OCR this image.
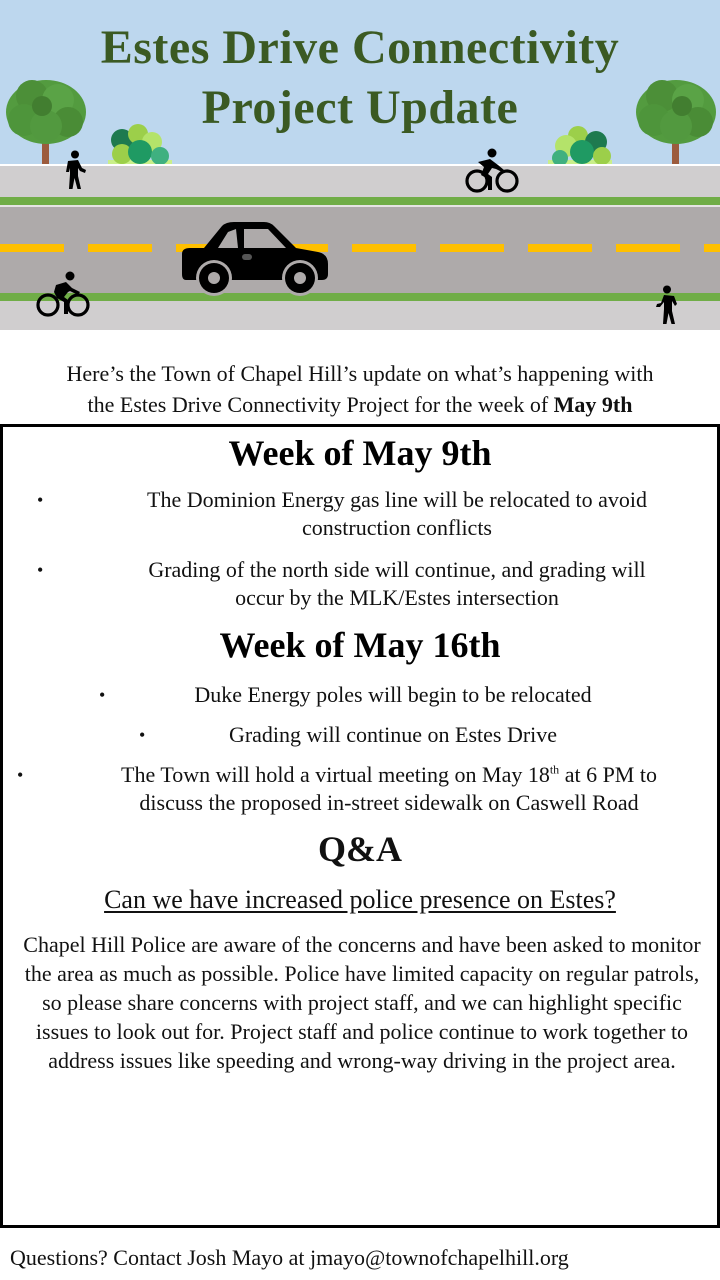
Estes Drive Connectivity
Project Update
Here’s the Town of Chapel Hill’s update on what’s happening with
the Estes Drive Connectivity Project for the week of May 9th
Week of May 9th
•	The Dominion Energy gas line will be relocated to avoid
construction conflicts
•	Grading of the north side will continue, and grading will
occur by the MLK/Estes intersection
Week of May 16th
•	Duke Energy poles will begin to be relocated
•	Grading will continue on Estes Drive
•	The Town will hold a virtual meeting on May 18th at 6 PM to
discuss the proposed in-street sidewalk on Caswell Road
Q&A
Can we have increased police presence on Estes?
Chapel Hill Police are aware of the concerns and have been asked to monitor the area as much as possible. Police have limited capacity on regular patrols, so please share concerns with project staff, and we can highlight specific issues to look out for. Project staff and police continue to work together to address issues like speeding and wrong-way driving in the project area.
Questions? Contact Josh Mayo at jmayo@townofchapelhill.org
